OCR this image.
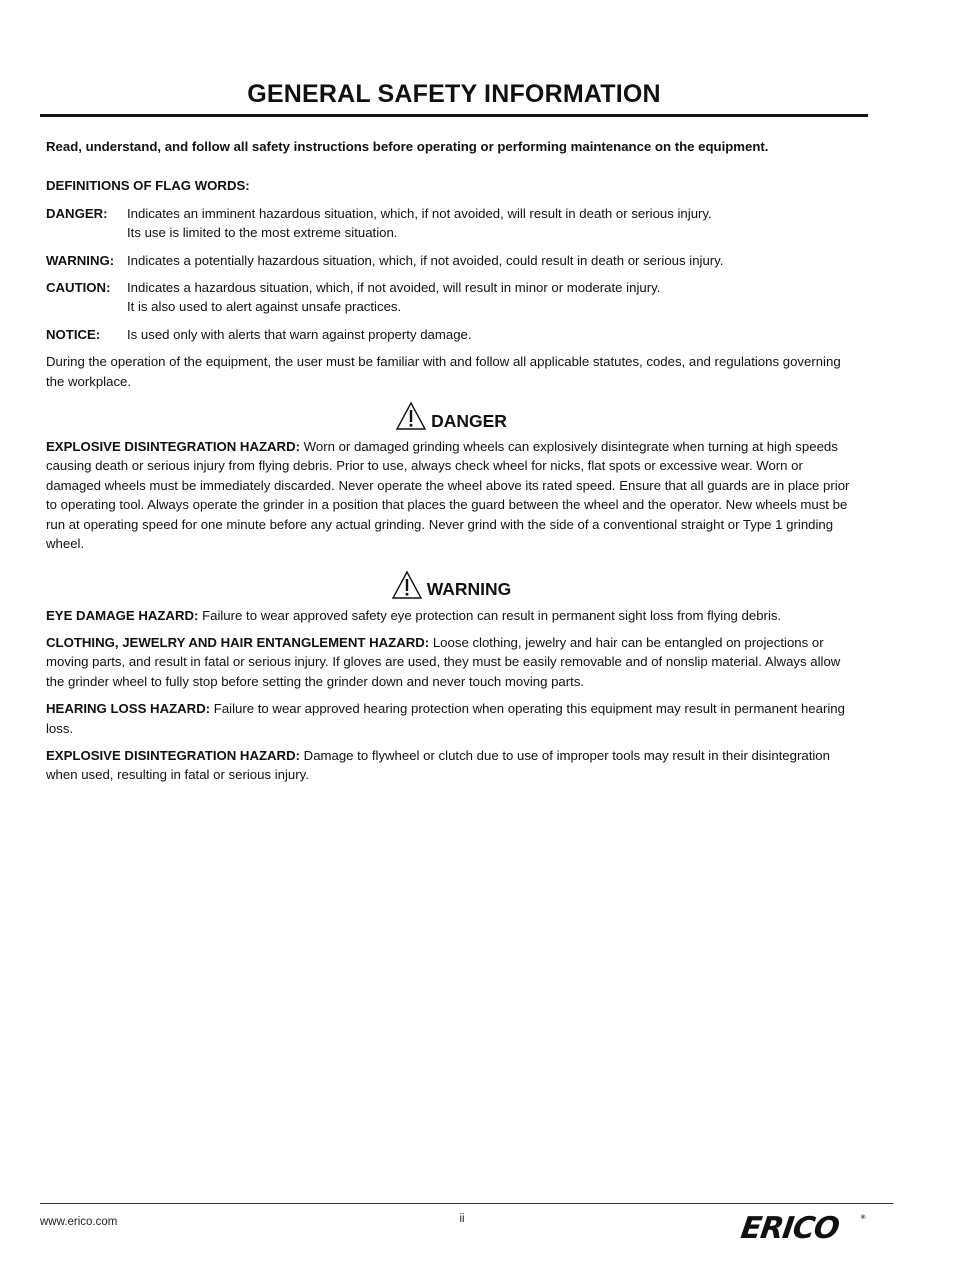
GENERAL SAFETY INFORMATION

Read, understand, and follow all safety instructions before operating or performing maintenance on the equipment.

DEFINITIONS OF FLAG WORDS:

DANGER:	Indicates an imminent hazardous situation, which, if not avoided, will result in death or serious injury.
Its use is limited to the most extreme situation.
WARNING: Indicates a potentially hazardous situation, which, if not avoided, could result in death or serious injury.
CAUTION:	Indicates a hazardous situation, which, if not avoided, will result in minor or moderate injury.
It is also used to alert against unsafe practices.
NOTICE:	Is used only with alerts that warn against property damage.

During the operation of the equipment, the user must be familiar with and follow all applicable statutes, codes, and regulations governing the workplace.

DANGER

EXPLOSIVE DISINTEGRATION HAZARD: Worn or damaged grinding wheels can explosively disintegrate when turning at high speeds causing death or serious injury from flying debris. Prior to use, always check wheel for nicks, flat spots or excessive wear. Worn or damaged wheels must be immediately discarded. Never operate the wheel above its rated speed. Ensure that all guards are in place prior to operating tool. Always operate the grinder in a position that places the guard between the wheel and the operator. New wheels must be run at operating speed for one minute before any actual grinding. Never grind with the side of a conventional straight or Type 1 grinding wheel.

WARNING

EYE DAMAGE HAZARD: Failure to wear approved safety eye protection can result in permanent sight loss from flying debris.

CLOTHING, JEWELRY AND HAIR ENTANGLEMENT HAZARD: Loose clothing, jewelry and hair can be entangled on projections or moving parts, and result in fatal or serious injury. If gloves are used, they must be easily removable and of nonslip material. Always allow the grinder wheel to fully stop before setting the grinder down and never touch moving parts.

HEARING LOSS HAZARD: Failure to wear approved hearing protection when operating this equipment may result in permanent hearing loss.

EXPLOSIVE DISINTEGRATION HAZARD: Damage to flywheel or clutch due to use of improper tools may result in their disintegration when used, resulting in fatal or serious injury.

www.erico.com	ii	ERICO	®
